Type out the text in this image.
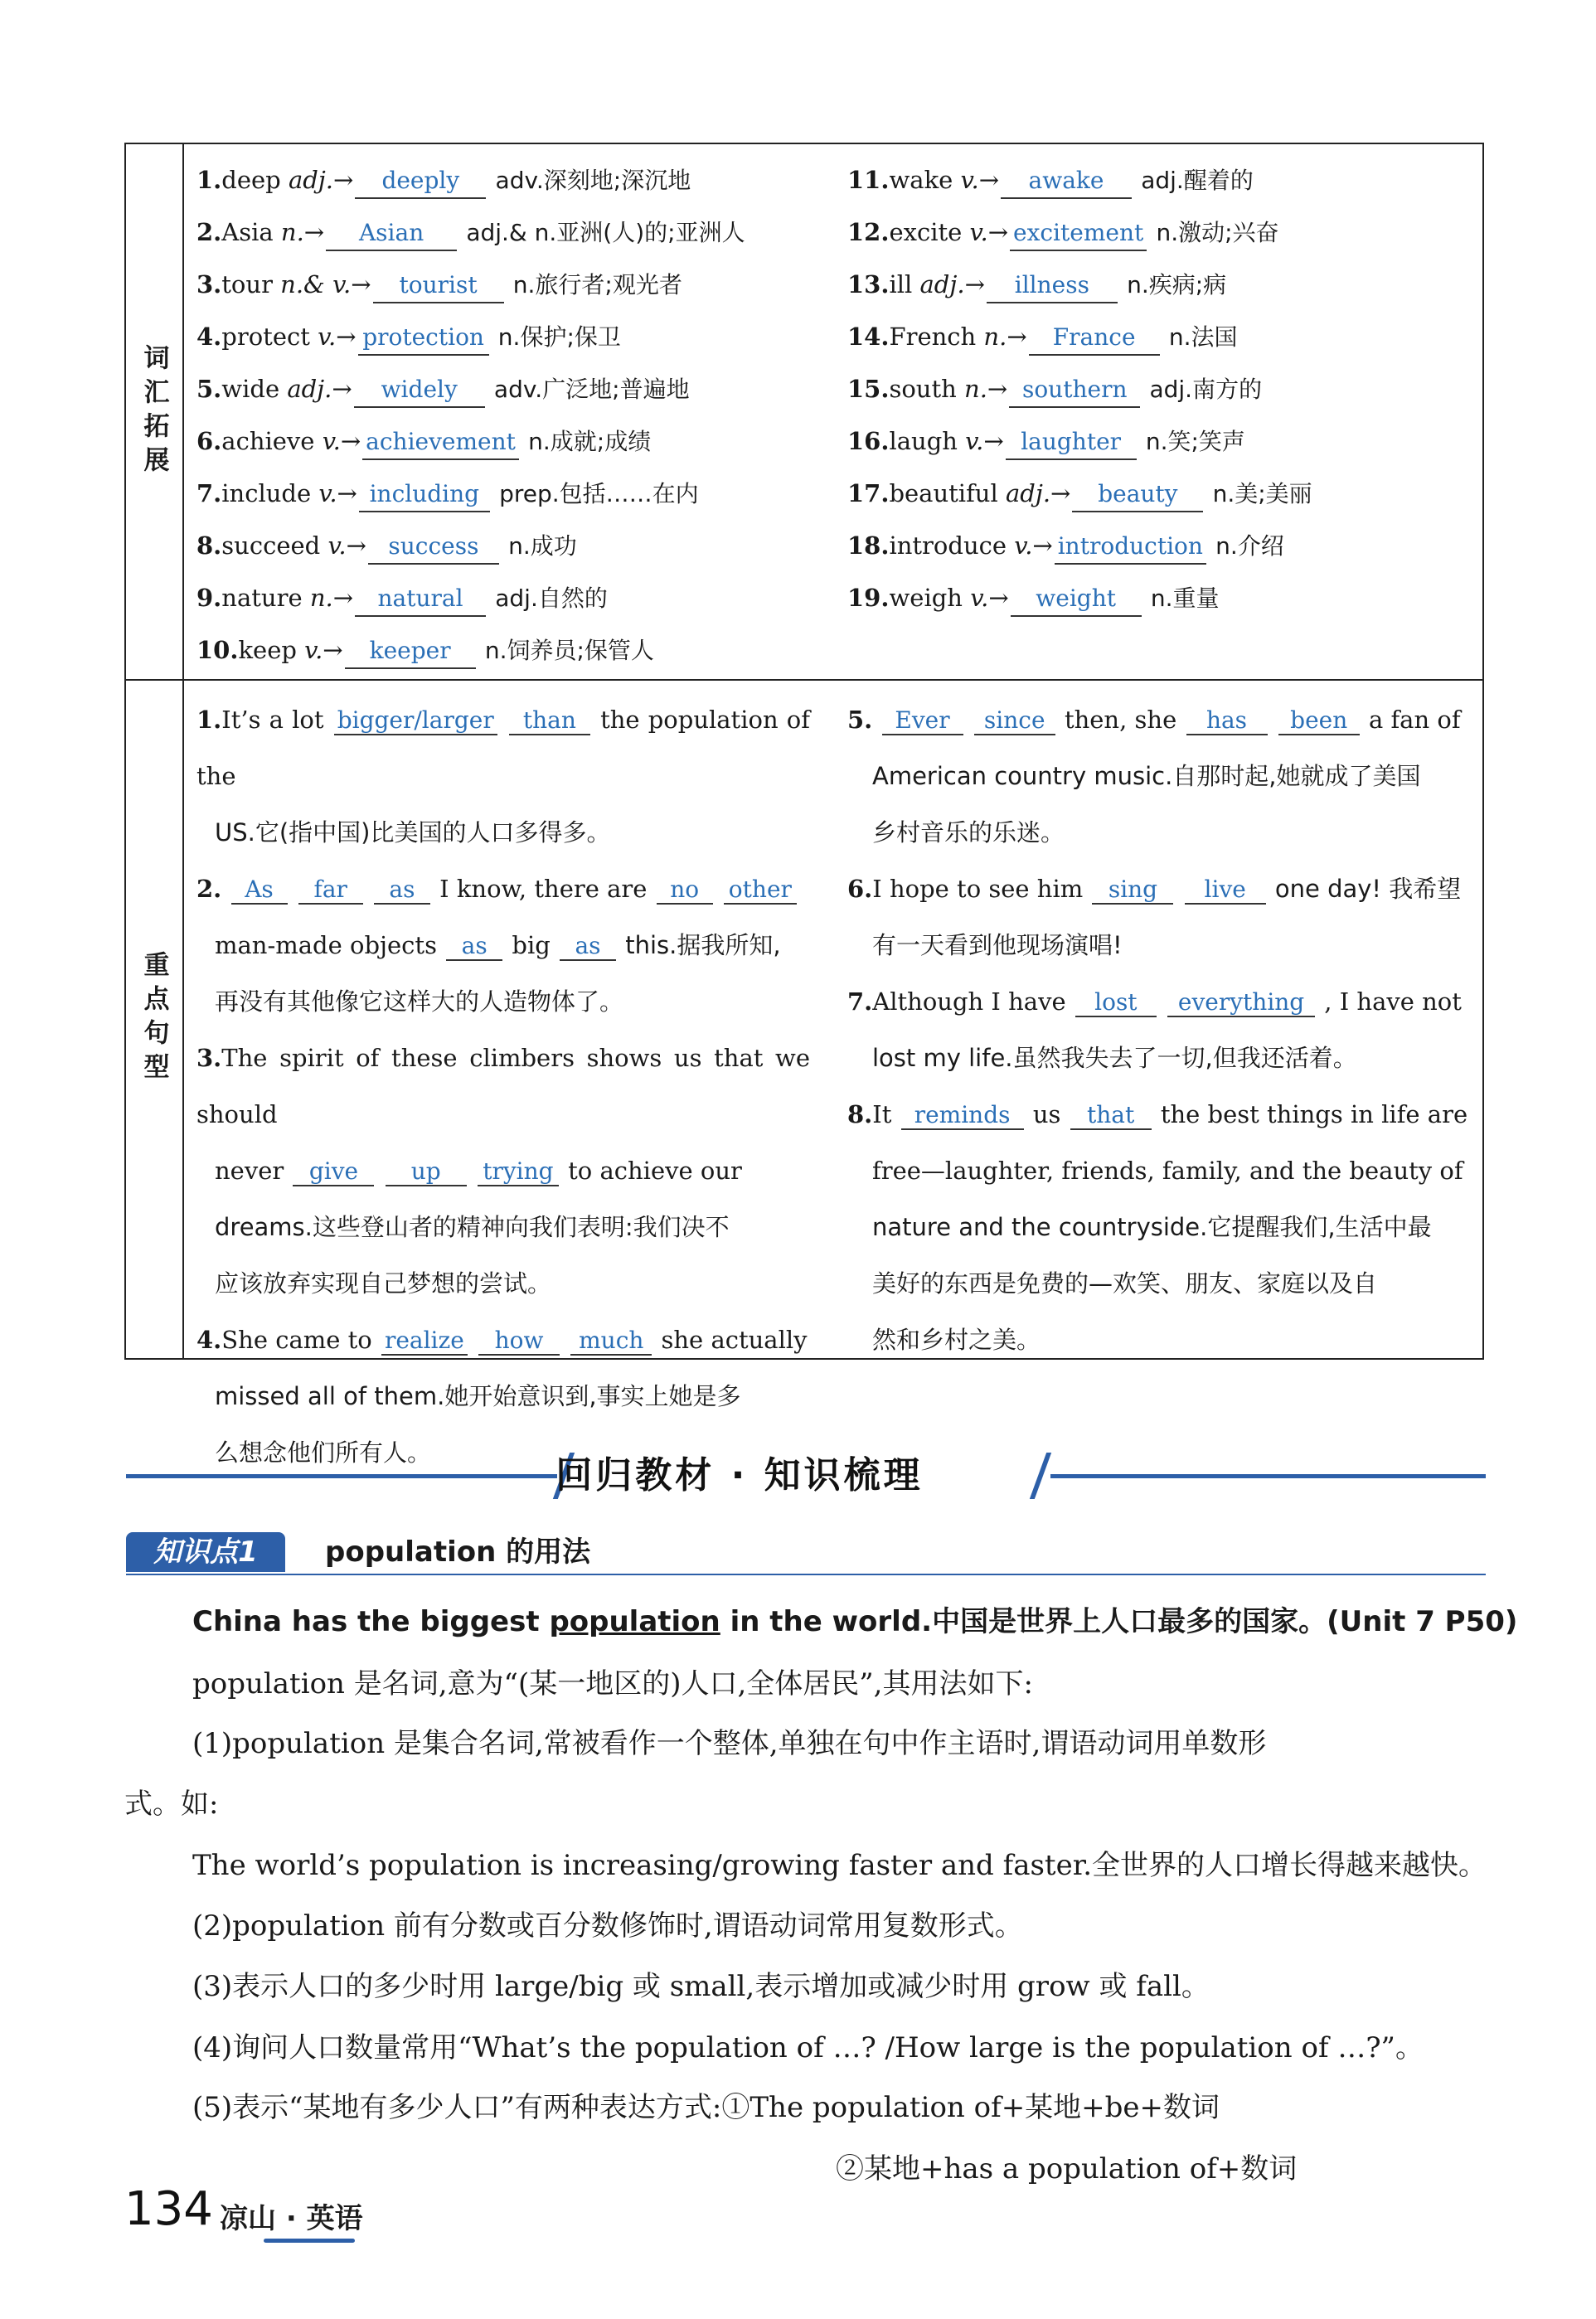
词汇拓展
重点句型
1.deep adj.→ deeply adv.深刻地;深沉地
2.Asia n.→ Asian adj.& n.亚洲(人)的;亚洲人
3.tour n.& v.→ tourist n.旅行者;观光者
4.protect v.→ protection n.保护;保卫
5.wide adj.→ widely adv.广泛地;普遍地
6.achieve v.→ achievement n.成就;成绩
7.include v.→ including prep.包括……在内
8.succeed v.→ success n.成功
9.nature n.→ natural adj.自然的
10.keep v.→ keeper n.饲养员;保管人
11.wake v.→ awake adj.醒着的
12.excite v.→ excitement n.激动;兴奋
13.ill adj.→ illness n.疾病;病
14.French n.→ France n.法国
15.south n.→ southern adj.南方的
16.laugh v.→ laughter n.笑;笑声
17.beautiful adj.→ beauty n.美;美丽
18.introduce v.→ introduction n.介绍
19.weigh v.→ weight n.重量
1.It’s a lot bigger/larger than the population of the
US.它(指中国)比美国的人口多得多。
2. As far as I know, there are no other
man-made objects as big as this.据我所知,
再没有其他像它这样大的人造物体了。
3.The spirit of these climbers shows us that we should
never give up trying to achieve our
dreams.这些登山者的精神向我们表明:我们决不
应该放弃实现自己梦想的尝试。
4.She came to realize how much she actually
missed all of them.她开始意识到,事实上她是多
么想念他们所有人。
5. Ever since then, she has been a fan of
American country music.自那时起,她就成了美国
乡村音乐的乐迷。
6.I hope to see him sing live one day! 我希望
有一天看到他现场演唱!
7.Although I have lost everything , I have not
lost my life.虽然我失去了一切,但我还活着。
8.It reminds us that the best things in life are
free—laughter, friends, family, and the beauty of
nature and the countryside.它提醒我们,生活中最
美好的东西是免费的—欢笑、朋友、家庭以及自
然和乡村之美。
回归教材 · 知识梳理
知识点1	population 的用法
China has the biggest population in the world.中国是世界上人口最多的国家。(Unit 7 P50)
population 是名词,意为“(某一地区的)人口,全体居民”,其用法如下:
(1)population 是集合名词,常被看作一个整体,单独在句中作主语时,谓语动词用单数形
式。如:
The world’s population is increasing/growing faster and faster.全世界的人口增长得越来越快。
(2)population 前有分数或百分数修饰时,谓语动词常用复数形式。
(3)表示人口的多少时用 large/big 或 small,表示增加或减少时用 grow 或 fall。
(4)询问人口数量常用“What’s the population of …? /How large is the population of …?”。
(5)表示“某地有多少人口”有两种表达方式:①The population of+某地+be+数词
②某地+has a population of+数词
134 凉山 · 英语
